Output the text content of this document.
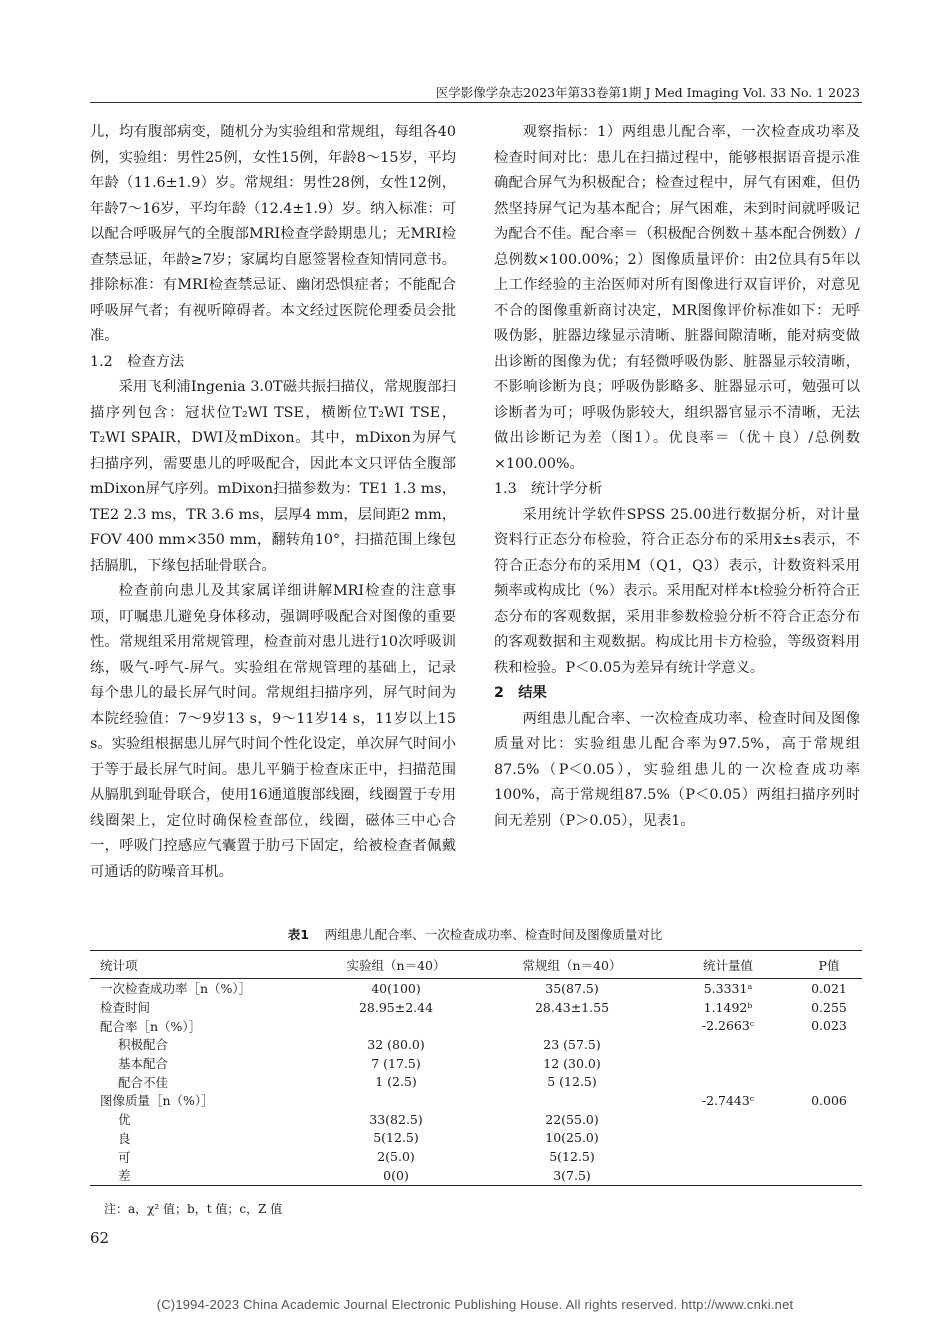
医学影像学杂志2023年第33卷第1期 J Med Imaging Vol. 33 No. 1 2023

儿，均有腹部病变，随机分为实验组和常规组，每组各40例，实验组：男性25例，女性15例，年龄8～15岁，平均年龄（11.6±1.9）岁。常规组：男性28例，女性12例，年龄7～16岁，平均年龄（12.4±1.9）岁。纳入标准：可以配合呼吸屏气的全腹部MRI检查学龄期患儿；无MRI检查禁忌证，年龄≥7岁；家属均自愿签署检查知情同意书。排除标准：有MRI检查禁忌证、幽闭恐惧症者；不能配合呼吸屏气者；有视听障碍者。本文经过医院伦理委员会批准。

1.2　检查方法

采用飞利浦Ingenia 3.0T磁共振扫描仪，常规腹部扫描序列包含：冠状位T₂WI TSE，横断位T₂WI TSE，T₂WI SPAIR，DWI及mDixon。其中，mDixon为屏气扫描序列，需要患儿的呼吸配合，因此本文只评估全腹部mDixon屏气序列。mDixon扫描参数为：TE1 1.3 ms，TE2 2.3 ms，TR 3.6 ms，层厚4 mm，层间距2 mm，FOV 400 mm×350 mm，翻转角10°，扫描范围上缘包括膈肌，下缘包括耻骨联合。

检查前向患儿及其家属详细讲解MRI检查的注意事项，叮嘱患儿避免身体移动，强调呼吸配合对图像的重要性。常规组采用常规管理，检查前对患儿进行10次呼吸训练，吸气-呼气-屏气。实验组在常规管理的基础上，记录每个患儿的最长屏气时间。常规组扫描序列，屏气时间为本院经验值：7～9岁13 s，9～11岁14 s，11岁以上15 s。实验组根据患儿屏气时间个性化设定，单次屏气时间小于等于最长屏气时间。患儿平躺于检查床正中，扫描范围从膈肌到耻骨联合，使用16通道腹部线圈，线圈置于专用线圈架上，定位时确保检查部位，线圈，磁体三中心合一，呼吸门控感应气囊置于肋弓下固定，给被检查者佩戴可通话的防噪音耳机。

观察指标：1）两组患儿配合率，一次检查成功率及检查时间对比：患儿在扫描过程中，能够根据语音提示准确配合屏气为积极配合；检查过程中，屏气有困难，但仍然坚持屏气记为基本配合；屏气困难，未到时间就呼吸记为配合不佳。配合率＝（积极配合例数＋基本配合例数）/总例数×100.00%；2）图像质量评价：由2位具有5年以上工作经验的主治医师对所有图像进行双盲评价，对意见不合的图像重新商讨决定，MR图像评价标准如下：无呼吸伪影，脏器边缘显示清晰、脏器间隙清晰，能对病变做出诊断的图像为优；有轻微呼吸伪影、脏器显示较清晰，不影响诊断为良；呼吸伪影略多、脏器显示可，勉强可以诊断者为可；呼吸伪影较大，组织器官显示不清晰，无法做出诊断记为差（图1）。优良率＝（优＋良）/总例数×100.00%。

1.3　统计学分析

采用统计学软件SPSS 25.00进行数据分析，对计量资料行正态分布检验，符合正态分布的采用x̄±s表示，不符合正态分布的采用M（Q1，Q3）表示，计数资料采用频率或构成比（%）表示。采用配对样本t检验分析符合正态分布的客观数据，采用非参数检验分析不符合正态分布的客观数据和主观数据。构成比用卡方检验，等级资料用秩和检验。P＜0.05为差异有统计学意义。

2　结果

两组患儿配合率、一次检查成功率、检查时间及图像质量对比：实验组患儿配合率为97.5%，高于常规组87.5%（P＜0.05），实验组患儿的一次检查成功率100%，高于常规组87.5%（P＜0.05）两组扫描序列时间无差别（P＞0.05），见表1。

表1 两组患儿配合率、一次检查成功率、检查时间及图像质量对比
统计项	实验组（n＝40）	常规组（n＝40）	统计量值	P值
一次检查成功率［n（%）］	40(100)	35(87.5)	5.3331ᵃ	0.021
检查时间	28.95±2.44	28.43±1.55	1.1492ᵇ	0.255
配合率［n（%）］			-2.2663ᶜ	0.023
积极配合	32 (80.0)	23 (57.5)		
基本配合	7 (17.5)	12 (30.0)		
配合不佳	1 (2.5)	5 (12.5)		
图像质量［n（%）］			-2.7443ᶜ	0.006
优	33(82.5)	22(55.0)		
良	5(12.5)	10(25.0)		
可	2(5.0)	5(12.5)		
差	0(0)	3(7.5)		
注：a，χ² 值；b，t 值；c，Z 值
62
(C)1994-2023 China Academic Journal Electronic Publishing House. All rights reserved. http://www.cnki.net
